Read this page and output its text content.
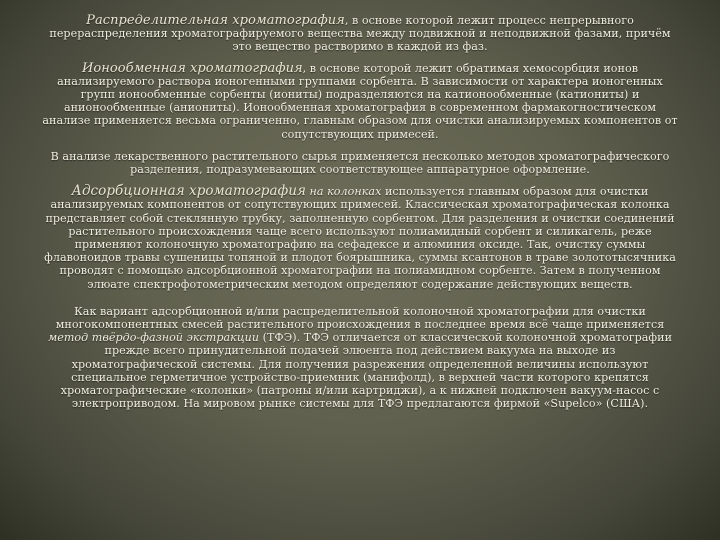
Распределительная хроматография, в основе которой лежит процесс непрерывного перераспределения хроматографируемого вещества между подвижной и неподвижной фазами, причём это вещество растворимо в каждой из фаз.

Ионообменная хроматография, в основе которой лежит обратимая хемосорбция ионов анализируемого раствора ионогенными группами сорбента. В зависимости от характера ионогенных групп ионообменные сорбенты (иониты) подразделяются на катионообменные (катиониты) и анионообменные (аниониты). Ионообменная хроматография в современном фармакогностическом анализе применяется весьма ограниченно, главным образом для очистки анализируемых компонентов от сопутствующих примесей.

В анализе лекарственного растительного сырья применяется несколько методов хроматографического разделения, подразумевающих соответствующее аппаратурное оформление.

Адсорбционная хроматография на колонках используется главным образом для очистки анализируемых компонентов от сопутствующих примесей. Классическая хроматографическая колонка представляет собой стеклянную трубку, заполненную сорбентом. Для разделения и очистки соединений растительного происхождения чаще всего используют полиамидный сорбент и силикагель, реже применяют колоночную хроматографию на сефадексе и алюминия оксиде. Так, очистку суммы флавоноидов травы сушеницы топяной и плодот боярышника, суммы ксантонов в траве золототысячника проводят с помощью адсорбционной хроматографии на полиамидном сорбенте. Затем в полученном элюате спектрофотометрическим методом определяют содержание действующих веществ.

Как вариант адсорбционной и/или распределительной колоночной хроматографии для очистки многокомпонентных смесей растительного происхождения в последнее время всё чаще применяется метод твёрдо-фазной экстракции (ТФЭ). ТФЭ отличается от классической колоночной хроматографии прежде всего принудительной подачей элюента под действием вакуума на выходе из хроматографической системы. Для получения разрежения определенной величины используют специальное герметичное устройство-приемник (манифолд), в верхней части которого крепятся хроматографические «колонки» (патроны и/или картриджи), а к нижней подключен вакуум-насос с электроприводом. На мировом рынке системы для ТФЭ предлагаются фирмой «Supelco» (США).
